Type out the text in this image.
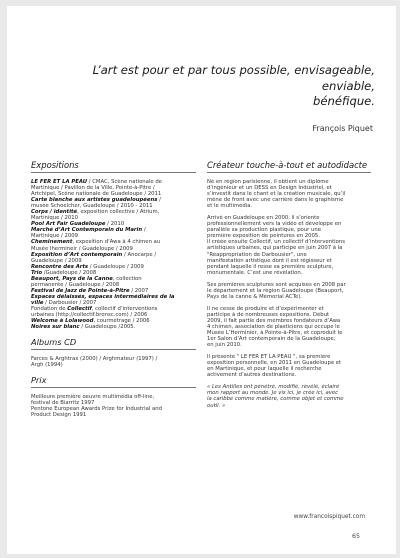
L’art est pour et par tous possible, envisageable, enviable,
bénéfique.
François Piquet
Expositions
LE FER ET LA PEAU / CMAC, Scène nationale de
Martinique / Pavillon de la Ville, Pointe-à-Pitre /
Artchipel, Scène nationale de Guadeloupe / 2011
Carte blanche aux artistes guadeloupéens /
musée Schoelcher, Guadeloupe / 2010 - 2011
Corps / identité, exposition collective / Atrium,
Martinique / 2010
Pool Art Fair Guadeloupe / 2010
Marché d’Art Contemporain du Marin /
Martinique / 2009
Cheminement, exposition d’Awa à 4 chimen au
Musée Ihermineir / Guadeloupe / 2009
Exposition d’Art contemporain / Anocarpe /
Guadeloupe / 2009
Rencontre des Arts / Guadeloupe / 2009
Trio /Guadeloupe / 2008
Beauport, Pays de la Canne, collection
permanente / Guadeloupe / 2008
Festival de Jazz de Pointe-à-Pitre / 2007
Espaces délaissés, espaces intermédiaires de la
ville / Darbousier / 2007
Fondation de Collectif, collectif d’interventions
urbaines (http://collectif.bronsc.com) / 2006
Welcome à Lolawood, courmétrage / 2006
Noires sur blanc / Guadeloupe /2005.
Albums CD
Farces & Arghtrax (2000) / Arghmateur (1997) /
Argh (1994)
Prix
Meilleure première oeuvre multimédia off-line,
festival de Biarritz 1997
Pentone European Awards Prize for Industrial and
Product Design 1991
Créateur touche-à-tout et autodidacte
Né en région parisienne, il obtient un diplôme
d’ingénieur et un DESS en Design Industriel, et
s’investit dans le chant et la création musicale, qu’il
mène de front avec une carrière dans le graphisme
et le multimédia.
Arrivé en Guadeloupe en 2000, il s’oriente
professionnellement vers la vidéo et développe en
parallèle sa production plastique, pour une
première exposition de peintures en 2005.
Il créée ensuite Collectif, un collectif d’interventions
artistiques urbaines, qui participe en juin 2007 à la
"Réappropriation de Darbousier", une
manifestation artistique dont il est régisseur et
pendant laquelle il resse sa première sculpture,
monumentale. C’est une révélation.
Ses premières sculptures sont acquises en 2008 par
le département et la région Guadeloupe (Beauport,
Pays de la canne & Memorial ACTe).
Il ne cesse de produire et d’expérimenter et
participe à de nombreuses expositions. Début
2009, il fait partie des membres fondateurs d’Awa
4 chimen, association de plasticiens qui occupe le
Musée L’Herminier, à Pointe-à-Pitre, et coproduit le
1er Salon d’Art contemporain de la Guadeloupe,
en juin 2010.
Il présente " LE FER ET LA PEAU ", sa première
exposition personnelle, en 2011 en Guadeloupe et
en Martinique, et pour laquelle il recherche
activement d’autres destinations.
« Les Antilles ont pénétré, modifié, révélé, éclairé
mon rapport au monde. Je vis ici, je crée ici, avec
la caribbe comme matière, comme objet et comme
outil. »
www.francoispiquet.com
65
